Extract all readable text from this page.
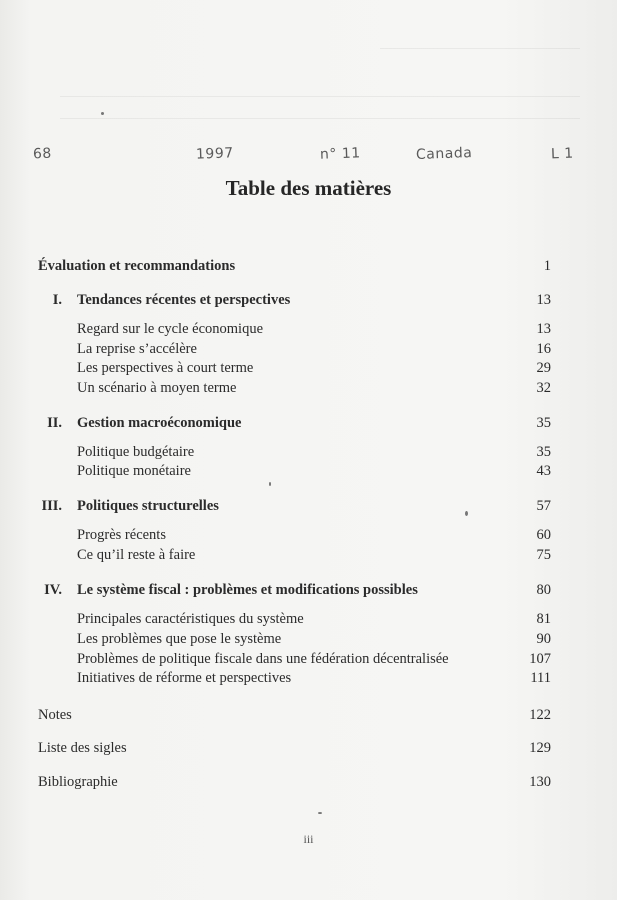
68	1997	n° 11	Canada	L 1
Table des matières
Évaluation et recommandations	1
I. Tendances récentes et perspectives	13
Regard sur le cycle économique	13
La reprise s’accélère	16
Les perspectives à court terme	29
Un scénario à moyen terme	32
II. Gestion macroéconomique	35
Politique budgétaire	35
Politique monétaire	43
III. Politiques structurelles	57
Progrès récents	60
Ce qu’il reste à faire	75
IV. Le système fiscal : problèmes et modifications possibles	80
Principales caractéristiques du système	81
Les problèmes que pose le système	90
Problèmes de politique fiscale dans une fédération décentralisée	107
Initiatives de réforme et perspectives	111
Notes	122
Liste des sigles	129
Bibliographie	130
iii
